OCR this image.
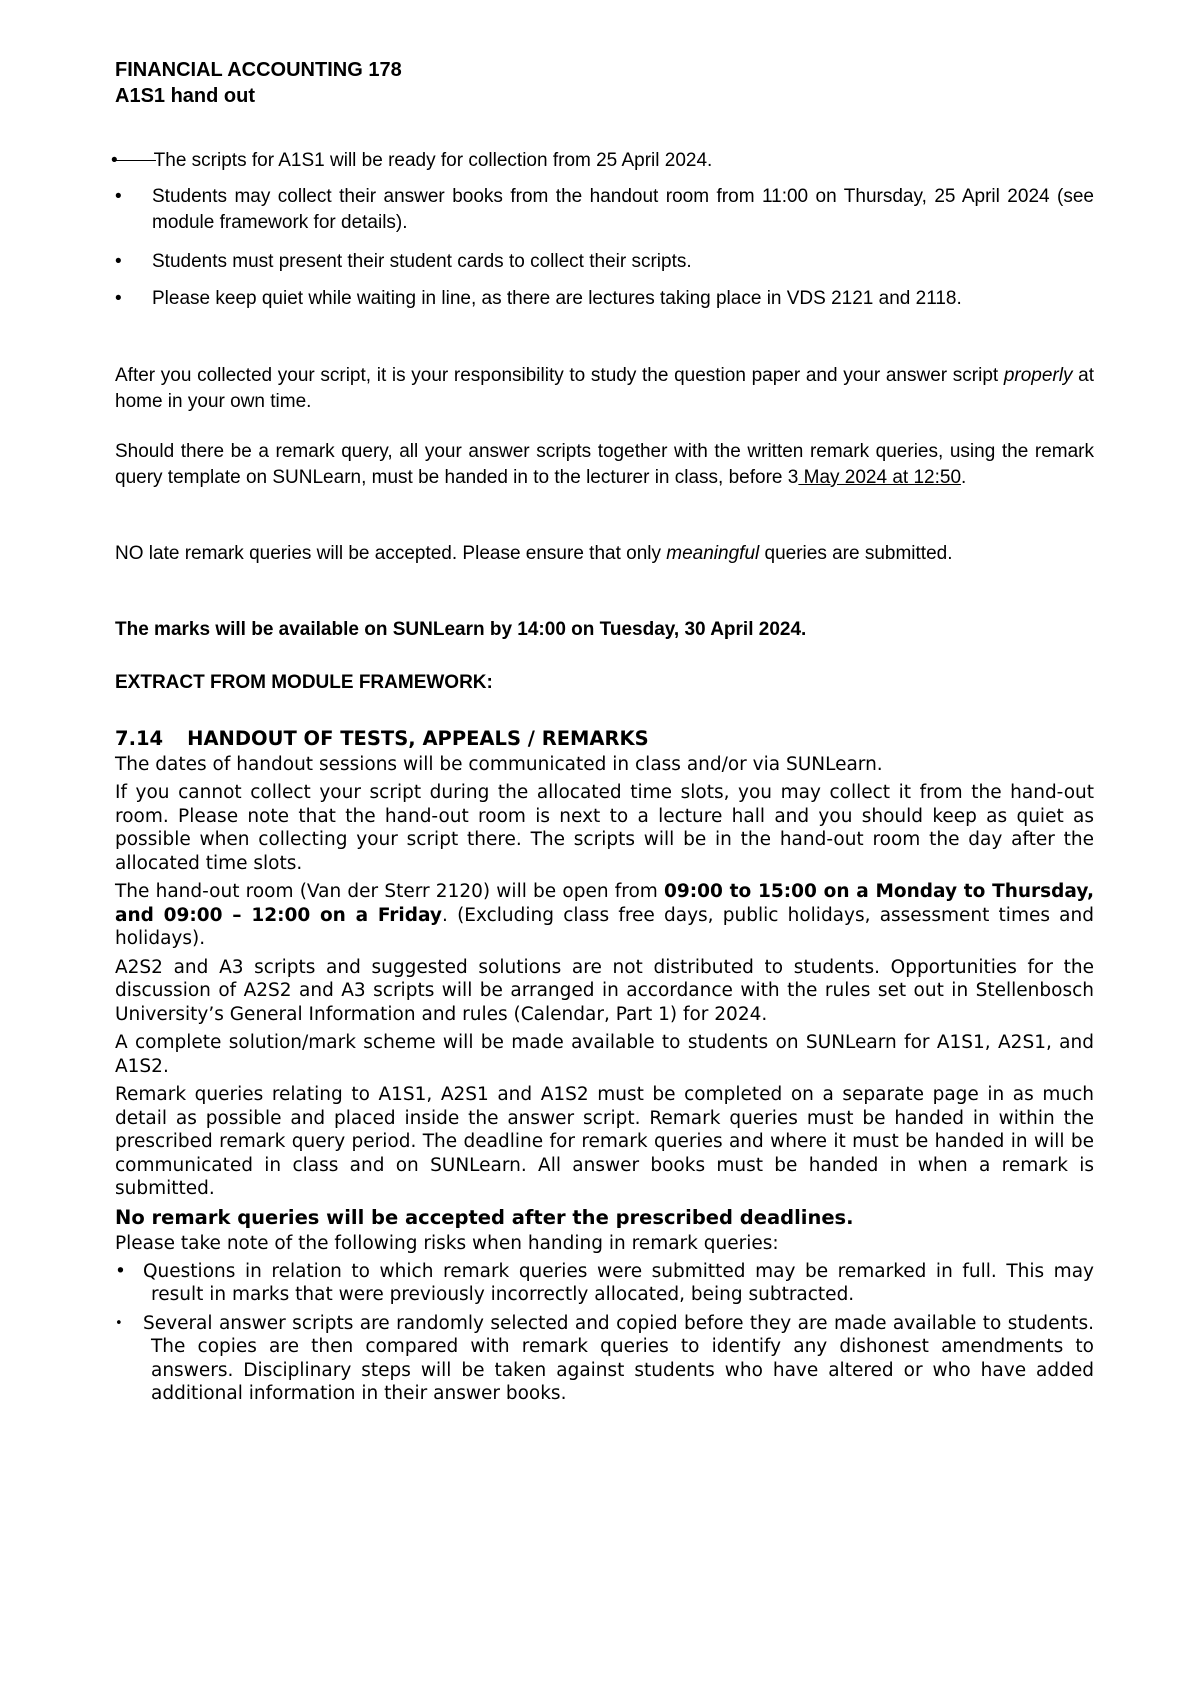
FINANCIAL ACCOUNTING 178
A1S1 hand out
• The scripts for A1S1 will be ready for collection from 25 April 2024.
• Students may collect their answer books from the handout room from 11:00 on Thursday, 25 April 2024 (see module framework for details).
• Students must present their student cards to collect their scripts.
• Please keep quiet while waiting in line, as there are lectures taking place in VDS 2121 and 2118.
After you collected your script, it is your responsibility to study the question paper and your answer script properly at home in your own time.
Should there be a remark query, all your answer scripts together with the written remark queries, using the remark query template on SUNLearn, must be handed in to the lecturer in class, before 3 May 2024 at 12:50.
NO late remark queries will be accepted. Please ensure that only meaningful queries are submitted.
The marks will be available on SUNLearn by 14:00 on Tuesday, 30 April 2024.
EXTRACT FROM MODULE FRAMEWORK:
7.14 HANDOUT OF TESTS, APPEALS / REMARKS
The dates of handout sessions will be communicated in class and/or via SUNLearn.
If you cannot collect your script during the allocated time slots, you may collect it from the hand-out room. Please note that the hand-out room is next to a lecture hall and you should keep as quiet as possible when collecting your script there. The scripts will be in the hand-out room the day after the allocated time slots.
The hand-out room (Van der Sterr 2120) will be open from 09:00 to 15:00 on a Monday to Thursday, and 09:00 – 12:00 on a Friday. (Excluding class free days, public holidays, assessment times and holidays).
A2S2 and A3 scripts and suggested solutions are not distributed to students. Opportunities for the discussion of A2S2 and A3 scripts will be arranged in accordance with the rules set out in Stellenbosch University’s General Information and rules (Calendar, Part 1) for 2024.
A complete solution/mark scheme will be made available to students on SUNLearn for A1S1, A2S1, and A1S2.
Remark queries relating to A1S1, A2S1 and A1S2 must be completed on a separate page in as much detail as possible and placed inside the answer script. Remark queries must be handed in within the prescribed remark query period. The deadline for remark queries and where it must be handed in will be communicated in class and on SUNLearn. All answer books must be handed in when a remark is submitted.
No remark queries will be accepted after the prescribed deadlines.
Please take note of the following risks when handing in remark queries:
• Questions in relation to which remark queries were submitted may be remarked in full. This may result in marks that were previously incorrectly allocated, being subtracted.
• Several answer scripts are randomly selected and copied before they are made available to students. The copies are then compared with remark queries to identify any dishonest amendments to answers. Disciplinary steps will be taken against students who have altered or who have added additional information in their answer books.
